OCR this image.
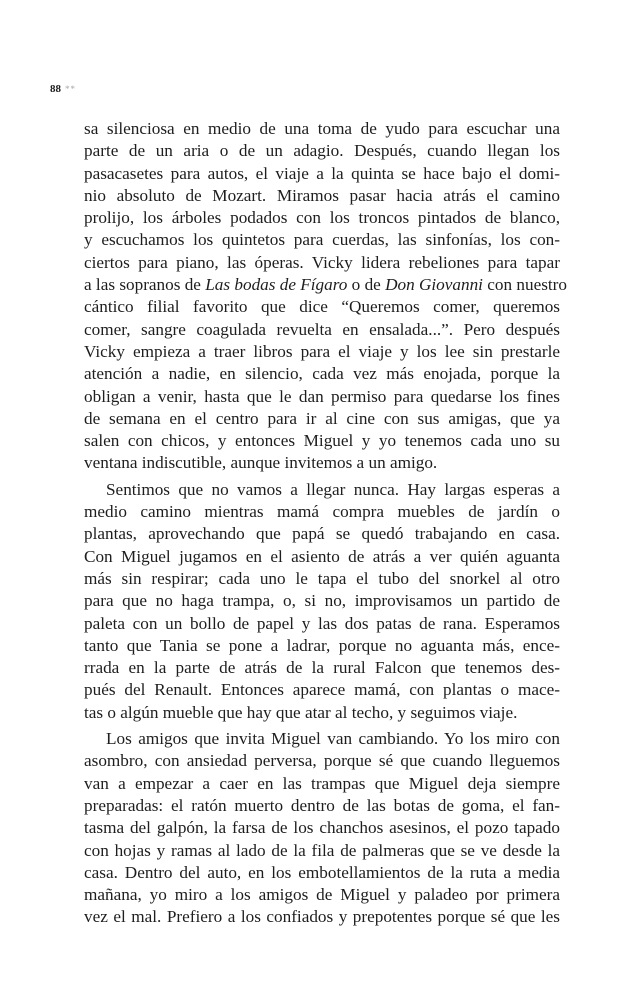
88 **
sa silenciosa en medio de una toma de yudo para escuchar una
parte de un aria o de un adagio. Después, cuando llegan los
pasacasetes para autos, el viaje a la quinta se hace bajo el domi-
nio absoluto de Mozart. Miramos pasar hacia atrás el camino
prolijo, los árboles podados con los troncos pintados de blanco,
y escuchamos los quintetos para cuerdas, las sinfonías, los con-
ciertos para piano, las óperas. Vicky lidera rebeliones para tapar
a las sopranos de Las bodas de Fígaro o de Don Giovanni con nuestro
cántico filial favorito que dice “Queremos comer, queremos
comer, sangre coagulada revuelta en ensalada...”. Pero después
Vicky empieza a traer libros para el viaje y los lee sin prestarle
atención a nadie, en silencio, cada vez más enojada, porque la
obligan a venir, hasta que le dan permiso para quedarse los fines
de semana en el centro para ir al cine con sus amigas, que ya
salen con chicos, y entonces Miguel y yo tenemos cada uno su
ventana indiscutible, aunque invitemos a un amigo.
Sentimos que no vamos a llegar nunca. Hay largas esperas a
medio camino mientras mamá compra muebles de jardín o
plantas, aprovechando que papá se quedó trabajando en casa.
Con Miguel jugamos en el asiento de atrás a ver quién aguanta
más sin respirar; cada uno le tapa el tubo del snorkel al otro
para que no haga trampa, o, si no, improvisamos un partido de
paleta con un bollo de papel y las dos patas de rana. Esperamos
tanto que Tania se pone a ladrar, porque no aguanta más, ence-
rrada en la parte de atrás de la rural Falcon que tenemos des-
pués del Renault. Entonces aparece mamá, con plantas o mace-
tas o algún mueble que hay que atar al techo, y seguimos viaje.
Los amigos que invita Miguel van cambiando. Yo los miro con
asombro, con ansiedad perversa, porque sé que cuando lleguemos
van a empezar a caer en las trampas que Miguel deja siempre
preparadas: el ratón muerto dentro de las botas de goma, el fan-
tasma del galpón, la farsa de los chanchos asesinos, el pozo tapado
con hojas y ramas al lado de la fila de palmeras que se ve desde la
casa. Dentro del auto, en los embotellamientos de la ruta a media
mañana, yo miro a los amigos de Miguel y paladeo por primera
vez el mal. Prefiero a los confiados y prepotentes porque sé que les
